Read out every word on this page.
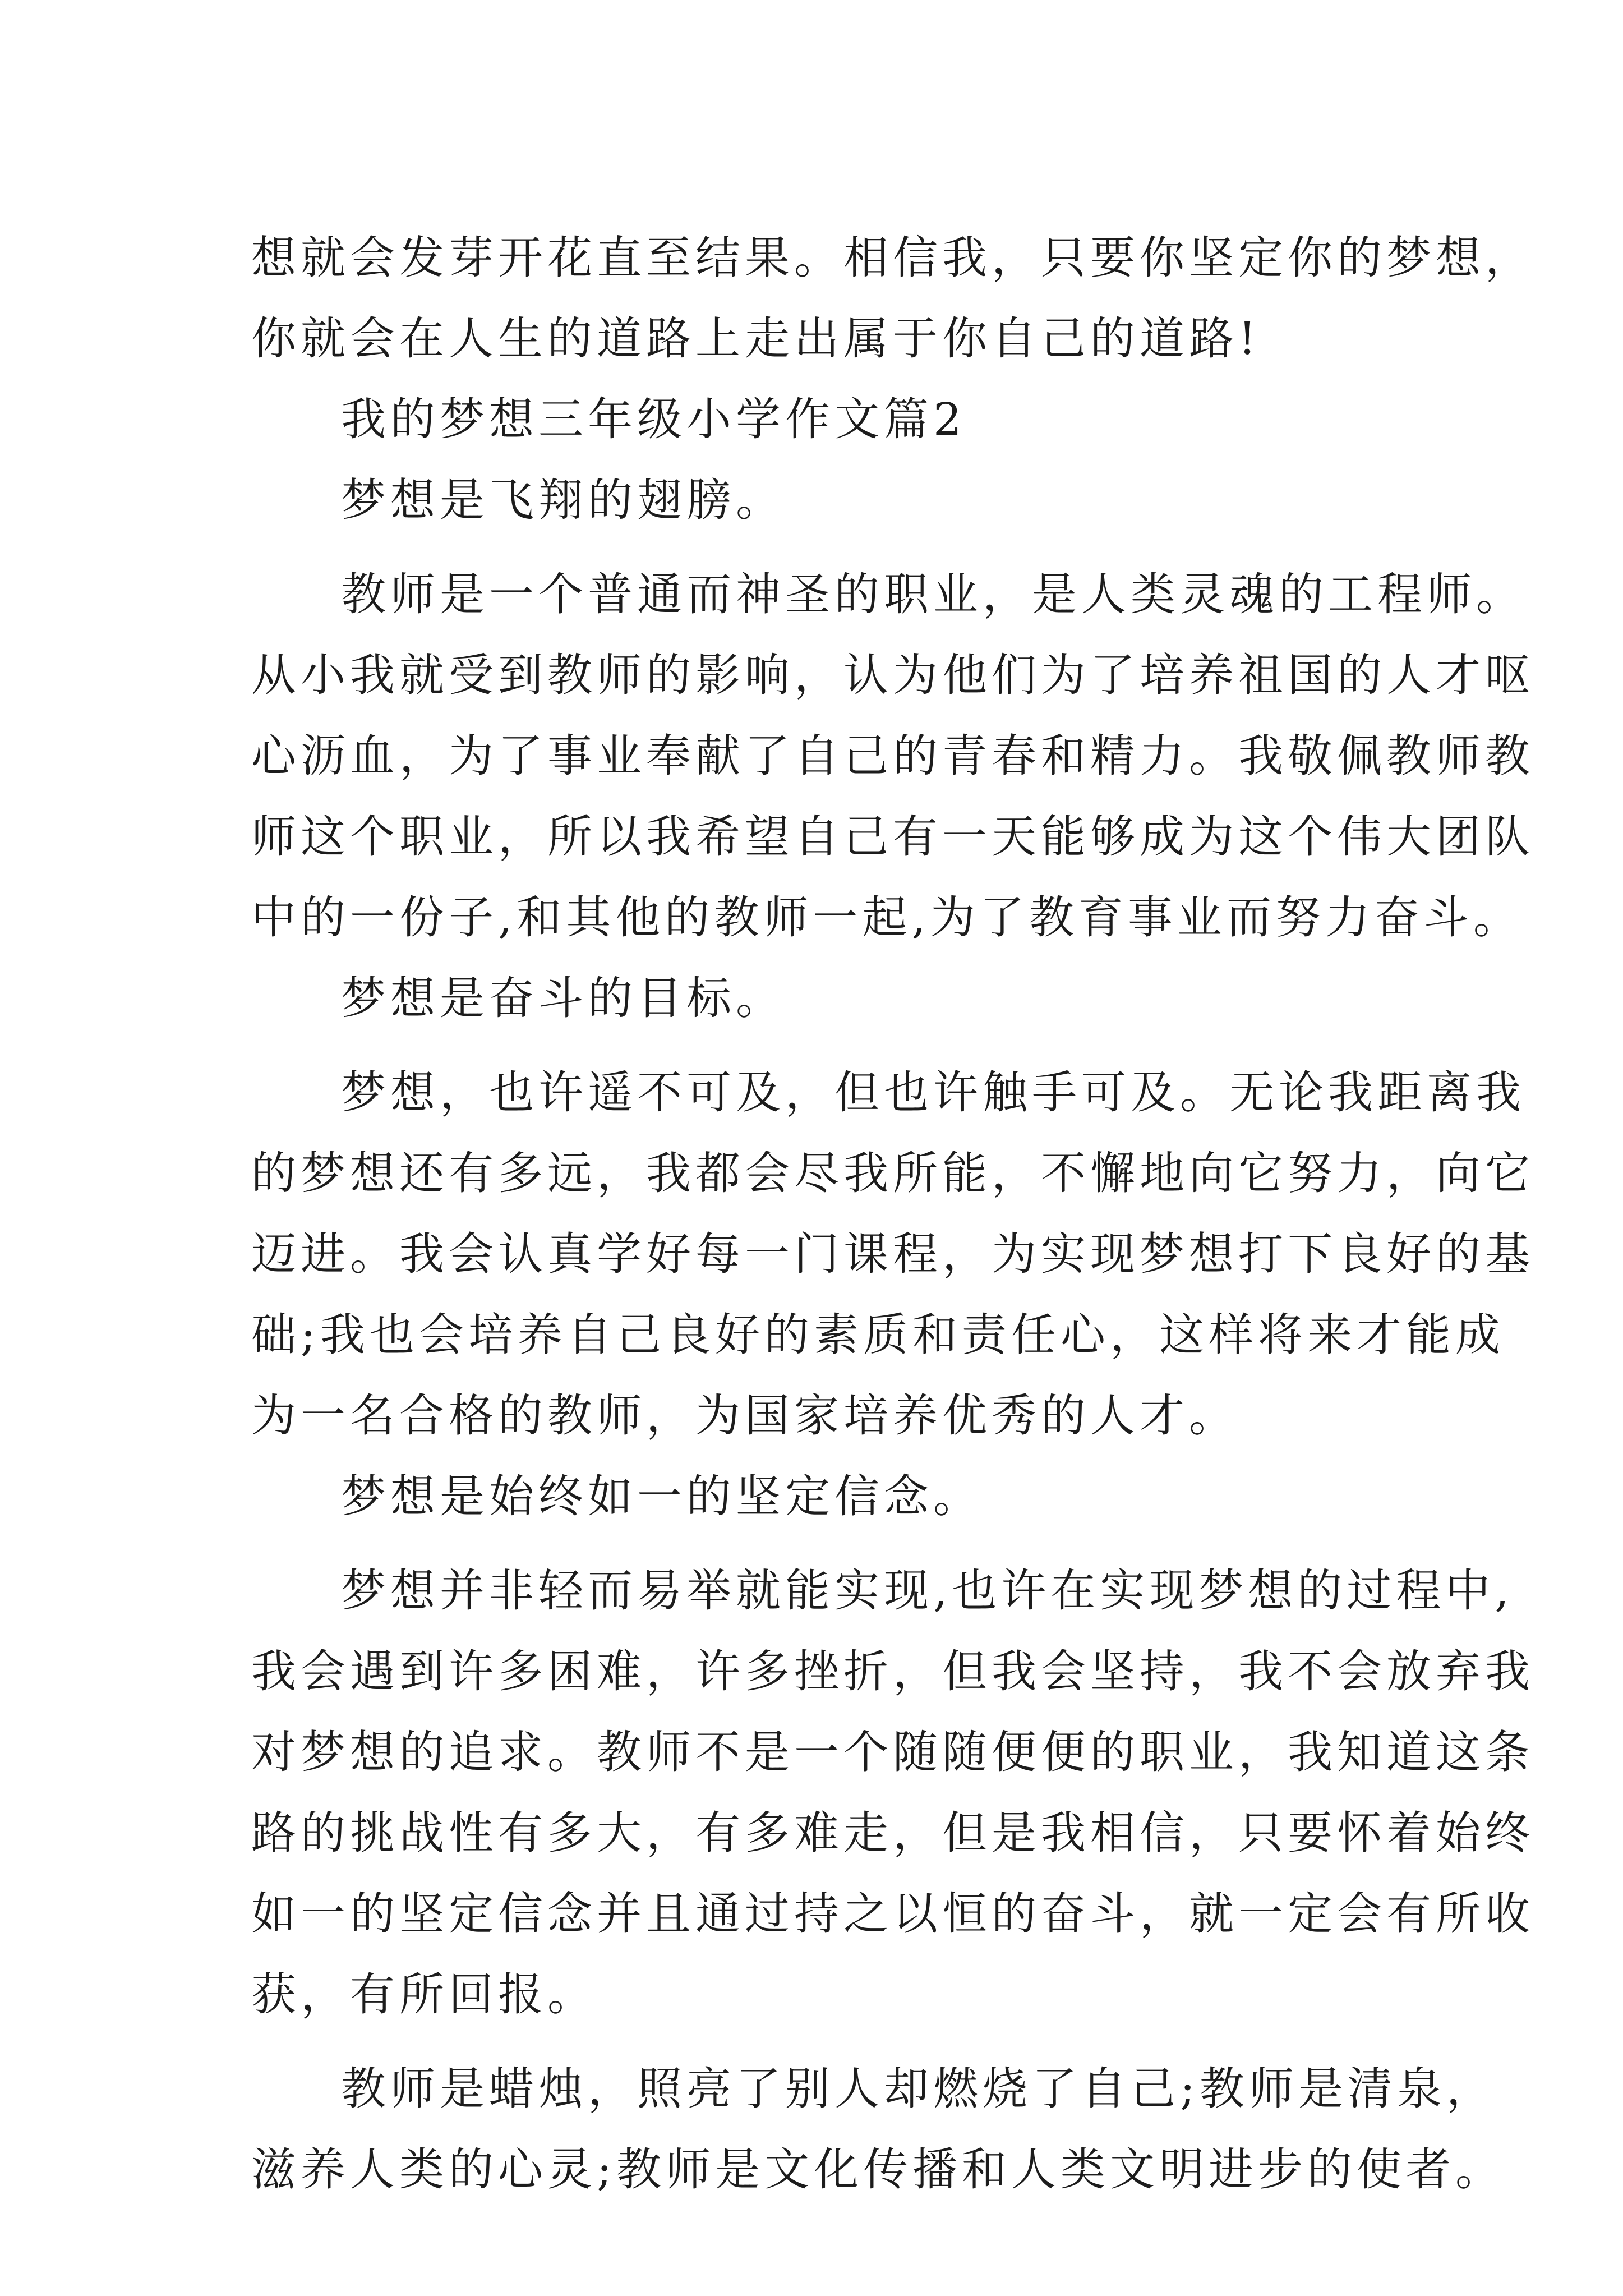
想就会发芽开花直至结果。相信我，只要你坚定你的梦想，
你就会在人生的道路上走出属于你自己的道路!
我的梦想三年级小学作文篇2
梦想是飞翔的翅膀。
教师是一个普通而神圣的职业，是人类灵魂的工程师。
从小我就受到教师的影响，认为他们为了培养祖国的人才呕
心沥血，为了事业奉献了自己的青春和精力。我敬佩教师教
师这个职业，所以我希望自己有一天能够成为这个伟大团队
中的一份子,和其他的教师一起,为了教育事业而努力奋斗。
梦想是奋斗的目标。
梦想，也许遥不可及，但也许触手可及。无论我距离我
的梦想还有多远，我都会尽我所能，不懈地向它努力，向它
迈进。我会认真学好每一门课程，为实现梦想打下良好的基
础;我也会培养自己良好的素质和责任心，这样将来才能成
为一名合格的教师，为国家培养优秀的人才。
梦想是始终如一的坚定信念。
梦想并非轻而易举就能实现,也许在实现梦想的过程中,
我会遇到许多困难，许多挫折，但我会坚持，我不会放弃我
对梦想的追求。教师不是一个随随便便的职业，我知道这条
路的挑战性有多大，有多难走，但是我相信，只要怀着始终
如一的坚定信念并且通过持之以恒的奋斗，就一定会有所收
获，有所回报。
教师是蜡烛，照亮了别人却燃烧了自己;教师是清泉，
滋养人类的心灵;教师是文化传播和人类文明进步的使者。
